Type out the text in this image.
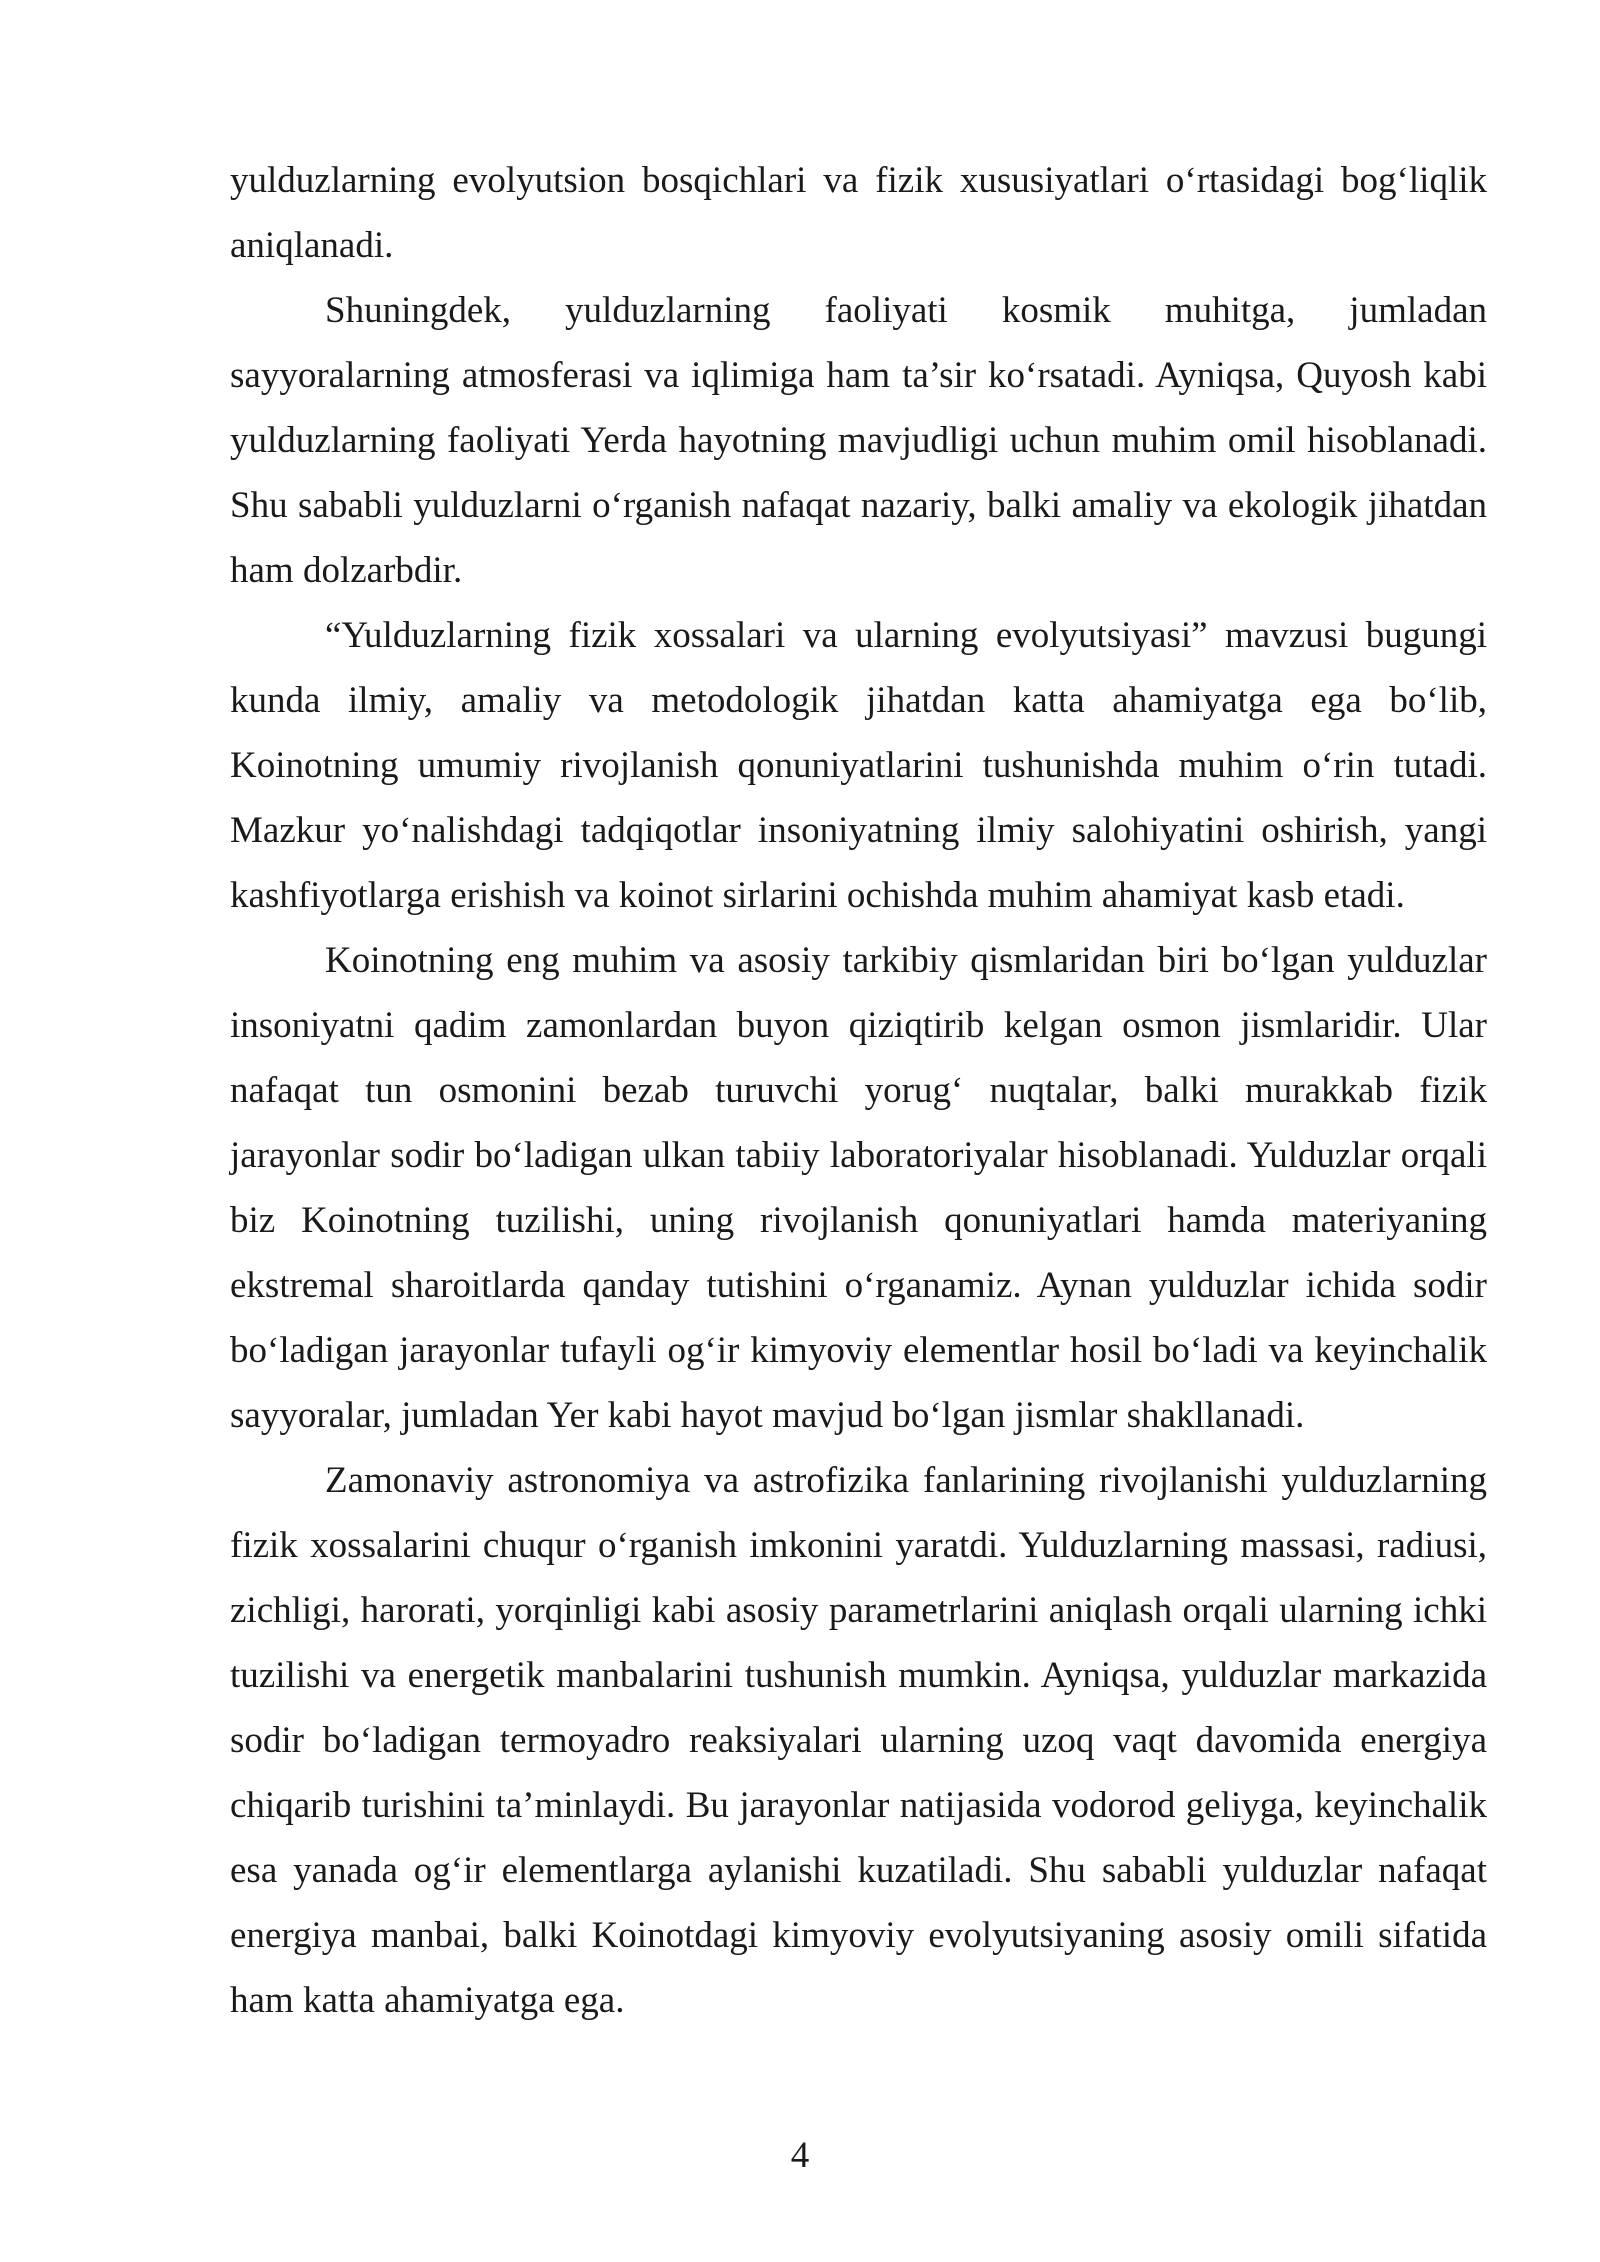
yulduzlarning evolyutsion bosqichlari va fizik xususiyatlari o‘rtasidagi bog‘liqlik aniqlanadi.

Shuningdek, yulduzlarning faoliyati kosmik muhitga, jumladan sayyoralarning atmosferasi va iqlimiga ham ta’sir ko‘rsatadi. Ayniqsa, Quyosh kabi yulduzlarning faoliyati Yerda hayotning mavjudligi uchun muhim omil hisoblanadi. Shu sababli yulduzlarni o‘rganish nafaqat nazariy, balki amaliy va ekologik jihatdan ham dolzarbdir.

“Yulduzlarning fizik xossalari va ularning evolyutsiyasi” mavzusi bugungi kunda ilmiy, amaliy va metodologik jihatdan katta ahamiyatga ega bo‘lib, Koinotning umumiy rivojlanish qonuniyatlarini tushunishda muhim o‘rin tutadi. Mazkur yo‘nalishdagi tadqiqotlar insoniyatning ilmiy salohiyatini oshirish, yangi kashfiyotlarga erishish va koinot sirlarini ochishda muhim ahamiyat kasb etadi.

Koinotning eng muhim va asosiy tarkibiy qismlaridan biri bo‘lgan yulduzlar insoniyatni qadim zamonlardan buyon qiziqtirib kelgan osmon jismlaridir. Ular nafaqat tun osmonini bezab turuvchi yorug‘ nuqtalar, balki murakkab fizik jarayonlar sodir bo‘ladigan ulkan tabiiy laboratoriyalar hisoblanadi. Yulduzlar orqali biz Koinotning tuzilishi, uning rivojlanish qonuniyatlari hamda materiyaning ekstremal sharoitlarda qanday tutishini o‘rganamiz. Aynan yulduzlar ichida sodir bo‘ladigan jarayonlar tufayli og‘ir kimyoviy elementlar hosil bo‘ladi va keyinchalik sayyoralar, jumladan Yer kabi hayot mavjud bo‘lgan jismlar shakllanadi.

Zamonaviy astronomiya va astrofizika fanlarining rivojlanishi yulduzlarning fizik xossalarini chuqur o‘rganish imkonini yaratdi. Yulduzlarning massasi, radiusi, zichligi, harorati, yorqinligi kabi asosiy parametrlarini aniqlash orqali ularning ichki tuzilishi va energetik manbalarini tushunish mumkin. Ayniqsa, yulduzlar markazida sodir bo‘ladigan termoyadro reaksiyalari ularning uzoq vaqt davomida energiya chiqarib turishini ta’minlaydi. Bu jarayonlar natijasida vodorod geliyga, keyinchalik esa yanada og‘ir elementlarga aylanishi kuzatiladi. Shu sababli yulduzlar nafaqat energiya manbai, balki Koinotdagi kimyoviy evolyutsiyaning asosiy omili sifatida ham katta ahamiyatga ega.

4
